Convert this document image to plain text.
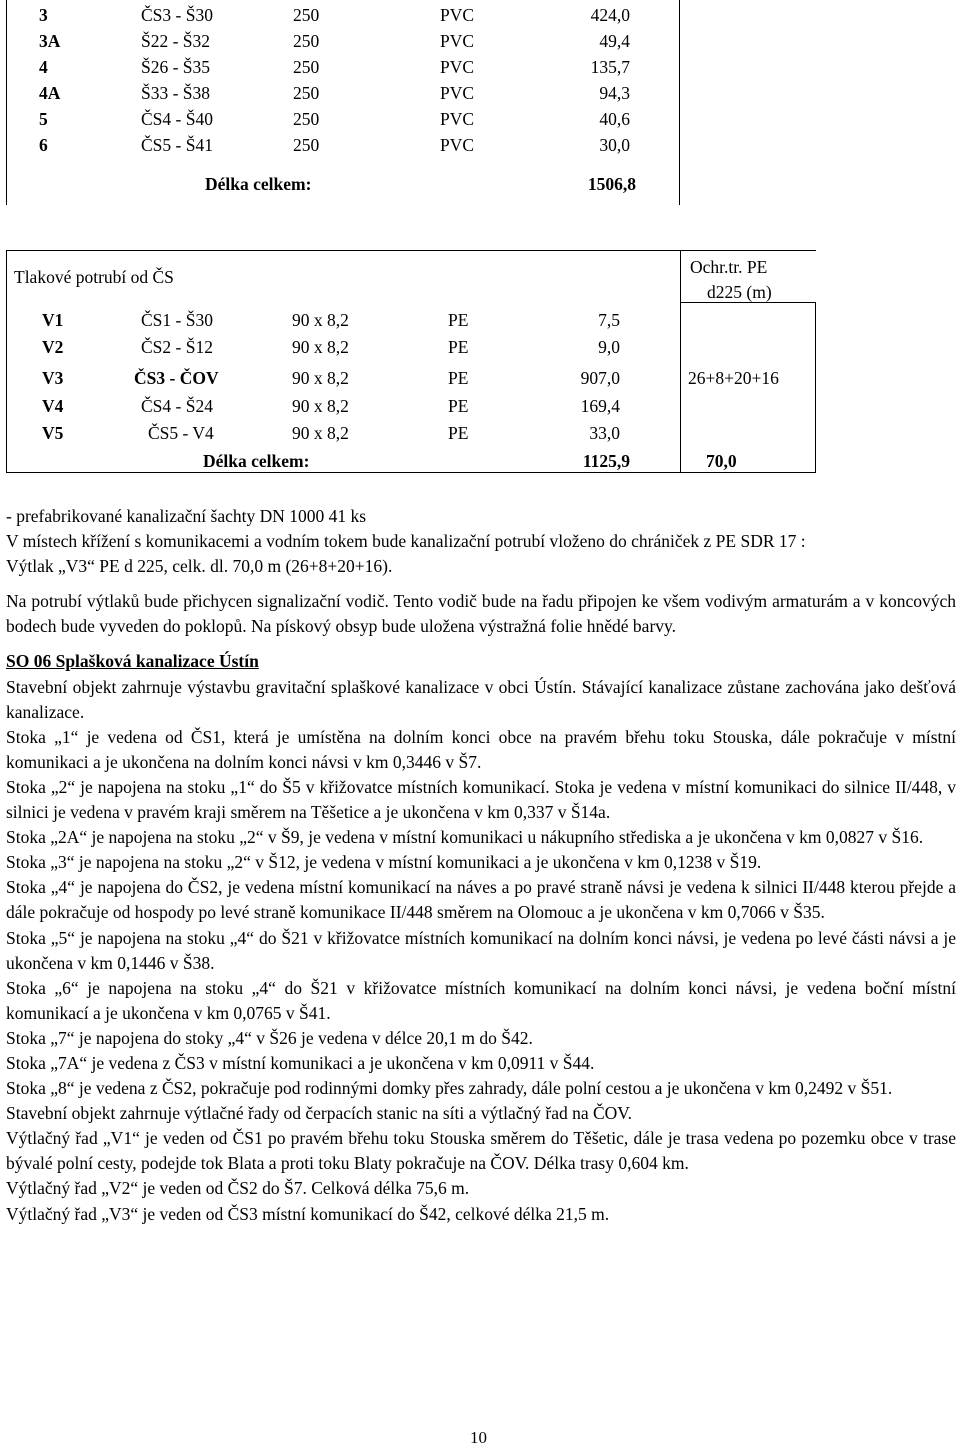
3	ČS3 - Š30	250	PVC	424,0
3A	Š22 - Š32	250	PVC	49,4
4	Š26 - Š35	250	PVC	135,7
4A	Š33 - Š38	250	PVC	94,3
5	ČS4 - Š40	250	PVC	40,6
6	ČS5 - Š41	250	PVC	30,0
Délka celkem:	1506,8
Tlakové potrubí od ČS	Ochr.tr. PE
d225 (m)
V1	ČS1 - Š30	90 x 8,2	PE	7,5
V2	ČS2 - Š12	90 x 8,2	PE	9,0
V3	ČS3 - ČOV	90 x 8,2	PE	907,0	26+8+20+16
V4	ČS4 - Š24	90 x 8,2	PE	169,4
V5	ČS5 - V4	90 x 8,2	PE	33,0
Délka celkem:	1125,9	70,0

- prefabrikované kanalizační šachty DN 1000 41 ks

V místech křížení s komunikacemi a vodním tokem bude kanalizační potrubí vloženo do chrániček z PE SDR 17 :

Výtlak „V3“ PE d 225, celk. dl. 70,0 m (26+8+20+16).

Na potrubí výtlaků bude přichycen signalizační vodič. Tento vodič bude na řadu připojen ke všem vodivým armaturám a v koncových bodech bude vyveden do poklopů. Na pískový obsyp bude uložena výstražná folie hnědé barvy.

SO 06 Splašková kanalizace Ústín

Stavební objekt zahrnuje výstavbu gravitační splaškové kanalizace v obci Ústín. Stávající kanalizace zůstane zachována jako dešťová kanalizace.

Stoka „1“ je vedena od ČS1, která je umístěna na dolním konci obce na pravém břehu toku Stouska, dále pokračuje v místní komunikaci a je ukončena na dolním konci návsi v km 0,3446 v Š7.

Stoka „2“ je napojena na stoku „1“ do Š5 v křižovatce místních komunikací. Stoka je vedena v místní komunikaci do silnice II/448, v silnici je vedena v pravém kraji směrem na Těšetice a je ukončena v km 0,337 v Š14a.

Stoka „2A“ je napojena na stoku „2“ v Š9, je vedena v místní komunikaci u nákupního střediska a je ukončena v km 0,0827 v Š16.

Stoka „3“ je napojena na stoku „2“ v Š12, je vedena v místní komunikaci a je ukončena v km 0,1238 v Š19.

Stoka „4“ je napojena do ČS2, je vedena místní komunikací na náves a po pravé straně návsi je vedena k silnici II/448 kterou přejde a dále pokračuje od hospody po levé straně komunikace II/448 směrem na Olomouc a je ukončena v km 0,7066 v Š35.

Stoka „5“ je napojena na stoku „4“ do Š21 v křižovatce místních komunikací na dolním konci návsi, je vedena po levé části návsi a je ukončena v km 0,1446 v Š38.

Stoka „6“ je napojena na stoku „4“ do Š21 v křižovatce místních komunikací na dolním konci návsi, je vedena boční místní komunikací a je ukončena v km 0,0765 v Š41.

Stoka „7“ je napojena do stoky „4“ v Š26 je vedena v délce 20,1 m do Š42.

Stoka „7A“ je vedena z ČS3 v místní komunikaci a je ukončena v km 0,0911 v Š44.

Stoka „8“ je vedena z ČS2, pokračuje pod rodinnými domky přes zahrady, dále polní cestou a je ukončena v km 0,2492 v Š51.

Stavební objekt zahrnuje výtlačné řady od čerpacích stanic na síti a výtlačný řad na ČOV.

Výtlačný řad „V1“ je veden od ČS1 po pravém břehu toku Stouska směrem do Těšetic, dále je trasa vedena po pozemku obce v trase bývalé polní cesty, podejde tok Blata a proti toku Blaty pokračuje na ČOV. Délka trasy 0,604 km.

Výtlačný řad „V2“ je veden od ČS2 do Š7. Celková délka 75,6 m.

Výtlačný řad „V3“ je veden od ČS3 místní komunikací do Š42, celkové délka 21,5 m.

10
